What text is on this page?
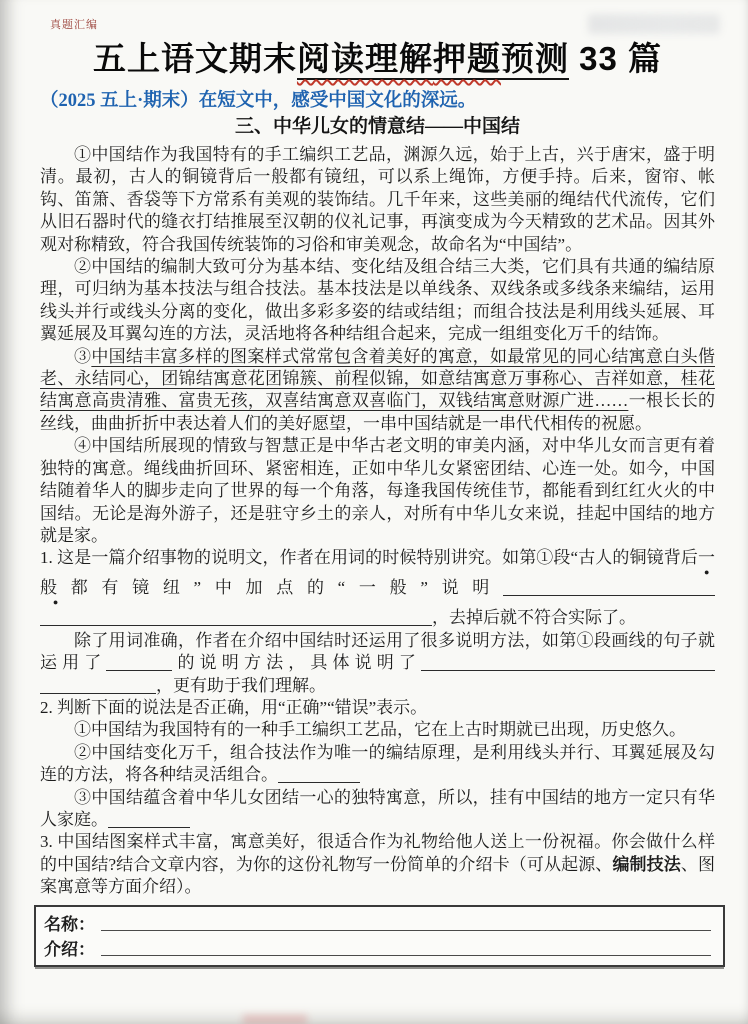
真题汇编
五上语文期末阅读理解押题预测 33 篇
（2025 五上·期末）在短文中，感受中国文化的深远。
三、中华儿女的情意结——中国结

①中国结作为我国特有的手工编织工艺品，渊源久远，始于上古，兴于唐宋，盛于明清。最初，古人的铜镜背后一般都有镜纽，可以系上绳饰，方便手持。后来，窗帘、帐钩、笛箫、香袋等下方常系有美观的装饰结。几千年来，这些美丽的绳结代代流传，它们从旧石器时代的缝衣打结推展至汉朝的仪礼记事，再演变成为今天精致的艺术品。因其外观对称精致，符合我国传统装饰的习俗和审美观念，故命名为“中国结”。

②中国结的编制大致可分为基本结、变化结及组合结三大类，它们具有共通的编结原理，可归纳为基本技法与组合技法。基本技法是以单线条、双线条或多线条来编结，运用线头并行或线头分离的变化，做出多彩多姿的结或结组；而组合技法是利用线头延展、耳翼延展及耳翼勾连的方法，灵活地将各种结组合起来，完成一组组变化万千的结饰。

③中国结丰富多样的图案样式常常包含着美好的寓意，如最常见的同心结寓意白头偕老、永结同心，团锦结寓意花团锦簇、前程似锦，如意结寓意万事称心、吉祥如意，桂花结寓意高贵清雅、富贵无孩，双喜结寓意双喜临门，双钱结寓意财源广进……一根长长的丝线，曲曲折折中表达着人们的美好愿望，一串中国结就是一串代代相传的祝愿。

④中国结所展现的情致与智慧正是中华古老文明的审美内涵，对中华儿女而言更有着独特的寓意。绳线曲折回环、紧密相连，正如中华儿女紧密团结、心连一处。如今，中国结随着华人的脚步走向了世界的每一个角落，每逢我国传统佳节，都能看到红红火火的中国结。无论是海外游子，还是驻守乡土的亲人，对所有中华儿女来说，挂起中国结的地方就是家。

1. 这是一篇介绍事物的说明文，作者在用词的时候特别讲究。如第①段“古人的铜镜背后一般都有镜纽”中加点的“一般”说明，去掉后就不符合实际了。

除了用词准确，作者在介绍中国结时还运用了很多说明方法，如第①段画线的句子就运用了	的说明方法，具体说明了，更有助于我们理解。

2. 判断下面的说法是否正确，用“正确”“错误”表示。

①中国结为我国特有的一种手工编织工艺品，它在上古时期就已出现，历史悠久。

②中国结变化万千，组合技法作为唯一的编结原理，是利用线头并行、耳翼延展及勾连的方法，将各种结灵活组合。

③中国结蕴含着中华儿女团结一心的独特寓意，所以，挂有中国结的地方一定只有华人家庭。

3. 中国结图案样式丰富，寓意美好，很适合作为礼物给他人送上一份祝福。你会做什么样的中国结?结合文章内容，为你的这份礼物写一份简单的介绍卡（可从起源、编制技法、图案寓意等方面介绍）。

名称：
介绍：
